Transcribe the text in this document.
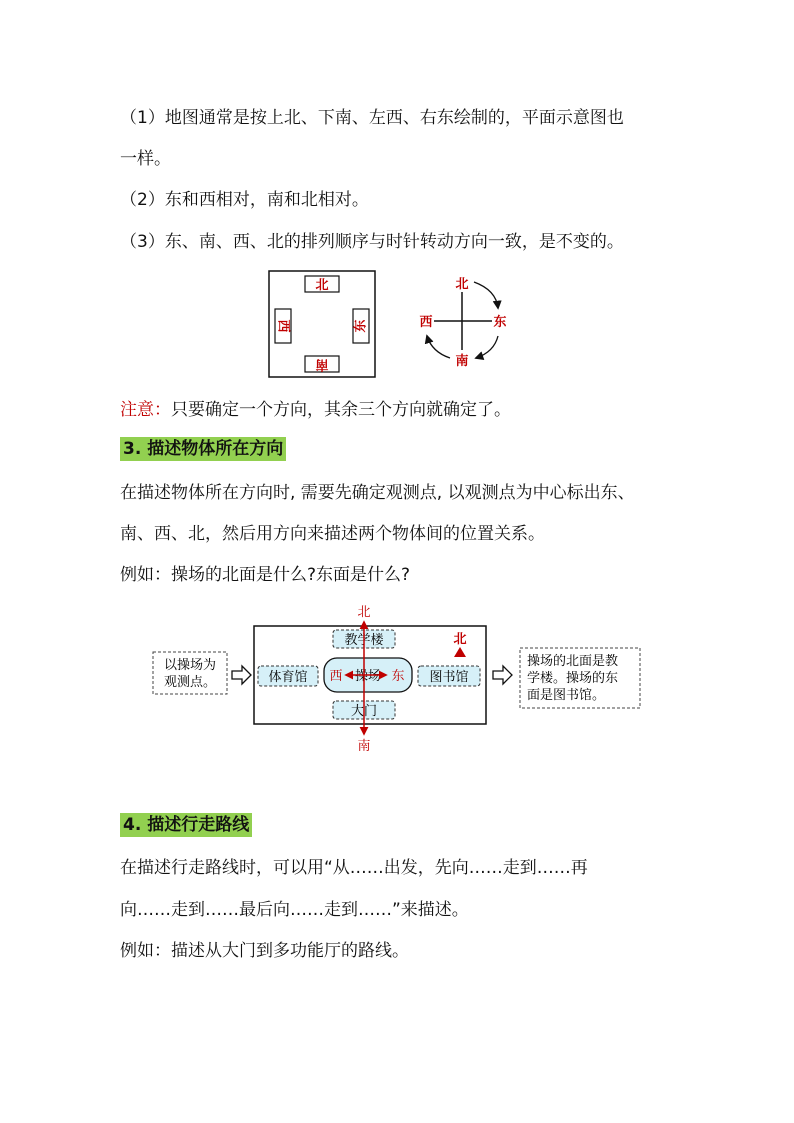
（1）地图通常是按上北、下南、左西、右东绘制的，平面示意图也
一样。
（2）东和西相对，南和北相对。
（3）东、南、西、北的排列顺序与时针转动方向一致，是不变的。
北
南
西	东
北
南
西	东
注意：只要确定一个方向，其余三个方向就确定了。
3. 描述物体所在方向
在描述物体所在方向时, 需要先确定观测点, 以观测点为中心标出东、
南、西、北，然后用方向来描述两个物体间的位置关系。
例如：操场的北面是什么?东面是什么?
以操场为
观测点。
教学楼
体育馆	图书馆
大门
操场
西	东
北
南
北
操场的北面是教
学楼。操场的东
面是图书馆。
4. 描述行走路线
在描述行走路线时，可以用“从……出发，先向……走到……再
向……走到……最后向……走到……”来描述。
例如：描述从大门到多功能厅的路线。
